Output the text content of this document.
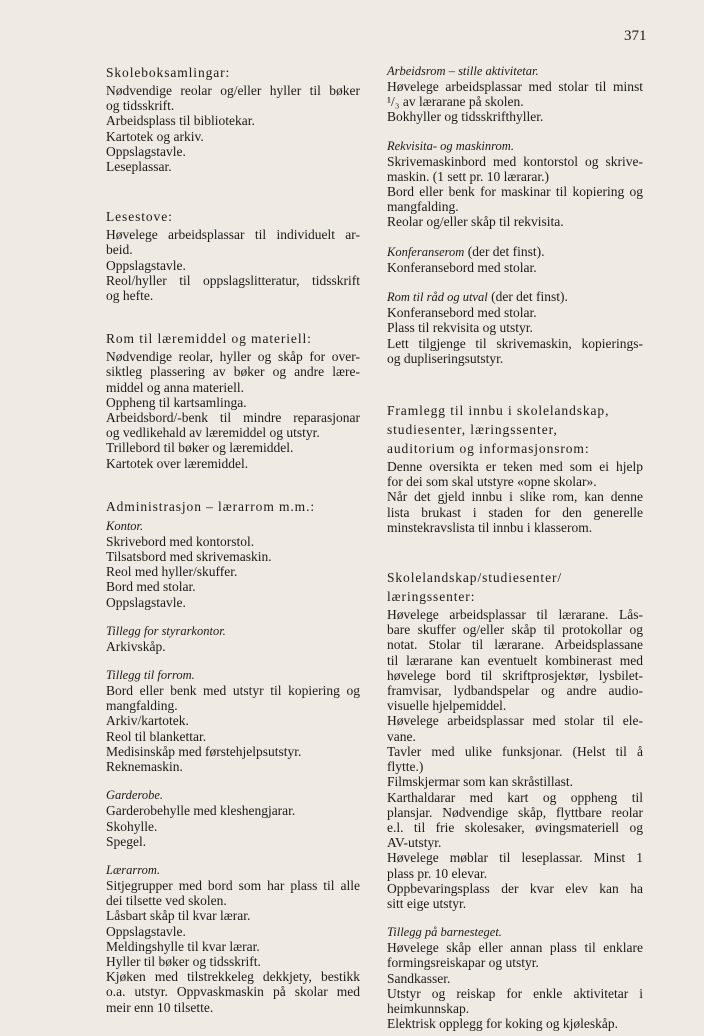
371
Skoleboksamlingar:
Nødvendige reolar og/eller hyller til bøker
og tidsskrift.
Arbeidsplass til bibliotekar.
Kartotek og arkiv.
Oppslagstavle.
Leseplassar.
Lesestove:
Høvelege arbeidsplassar til individuelt ar-
beid.
Oppslagstavle.
Reol/hyller til oppslagslitteratur, tidsskrift
og hefte.
Rom til læremiddel og materiell:
Nødvendige reolar, hyller og skåp for over-
siktleg plassering av bøker og andre lære-
middel og anna materiell.
Oppheng til kartsamlinga.
Arbeidsbord/-benk til mindre reparasjonar
og vedlikehald av læremiddel og utstyr.
Trillebord til bøker og læremiddel.
Kartotek over læremiddel.
Administrasjon – lærarrom m.m.:
Kontor.
Skrivebord med kontorstol.
Tilsatsbord med skrivemaskin.
Reol med hyller/skuffer.
Bord med stolar.
Oppslagstavle.
Tillegg for styrarkontor.
Arkivskåp.
Tillegg til forrom.
Bord eller benk med utstyr til kopiering og
mangfalding.
Arkiv/kartotek.
Reol til blankettar.
Medisinskåp med førstehjelpsutstyr.
Reknemaskin.
Garderobe.
Garderobehylle med kleshengjarar.
Skohylle.
Spegel.
Lærarrom.
Sitjegrupper med bord som har plass til alle
dei tilsette ved skolen.
Låsbart skåp til kvar lærar.
Oppslagstavle.
Meldingshylle til kvar lærar.
Hyller til bøker og tidsskrift.
Kjøken med tilstrekkeleg dekkjety, bestikk
o.a. utstyr. Oppvaskmaskin på skolar med
meir enn 10 tilsette.
Arbeidsrom – stille aktivitetar.
Høvelege arbeidsplassar med stolar til minst
¹/₃ av lærarane på skolen.
Bokhyller og tidsskrifthyller.
Rekvisita- og maskinrom.
Skrivemaskinbord med kontorstol og skrive-
maskin. (1 sett pr. 10 lærarar.)
Bord eller benk for maskinar til kopiering og
mangfalding.
Reolar og/eller skåp til rekvisita.
Konferanserom (der det finst).
Konferansebord med stolar.
Rom til råd og utval (der det finst).
Konferansebord med stolar.
Plass til rekvisita og utstyr.
Lett tilgjenge til skrivemaskin, kopierings-
og dupliseringsutstyr.
Framlegg til innbu i skolelandskap,
studiesenter, læringssenter,
auditorium og informasjonsrom:
Denne oversikta er teken med som ei hjelp
for dei som skal utstyre «opne skolar».
Når det gjeld innbu i slike rom, kan denne
lista brukast i staden for den generelle
minstekravslista til innbu i klasserom.
Skolelandskap/studiesenter/
læringssenter:
Høvelege arbeidsplassar til lærarane. Lås-
bare skuffer og/eller skåp til protokollar og
notat. Stolar til lærarane. Arbeidsplassane
til lærarane kan eventuelt kombinerast med
høvelege bord til skriftprosjektør, lysbilet-
framvisar, lydbandspelar og andre audio-
visuelle hjelpemiddel.
Høvelege arbeidsplassar med stolar til ele-
vane.
Tavler med ulike funksjonar. (Helst til å
flytte.)
Filmskjermar som kan skråstillast.
Karthaldarar med kart og oppheng til
plansjar. Nødvendige skåp, flyttbare reolar
e.l. til frie skolesaker, øvingsmateriell og
AV-utstyr.
Høvelege møblar til leseplassar. Minst 1
plass pr. 10 elevar.
Oppbevaringsplass der kvar elev kan ha
sitt eige utstyr.
Tillegg på barnesteget.
Høvelege skåp eller annan plass til enklare
formingsreiskapar og utstyr.
Sandkasser.
Utstyr og reiskap for enkle aktivitetar i
heimkunnskap.
Elektrisk opplegg for koking og kjøleskåp.
